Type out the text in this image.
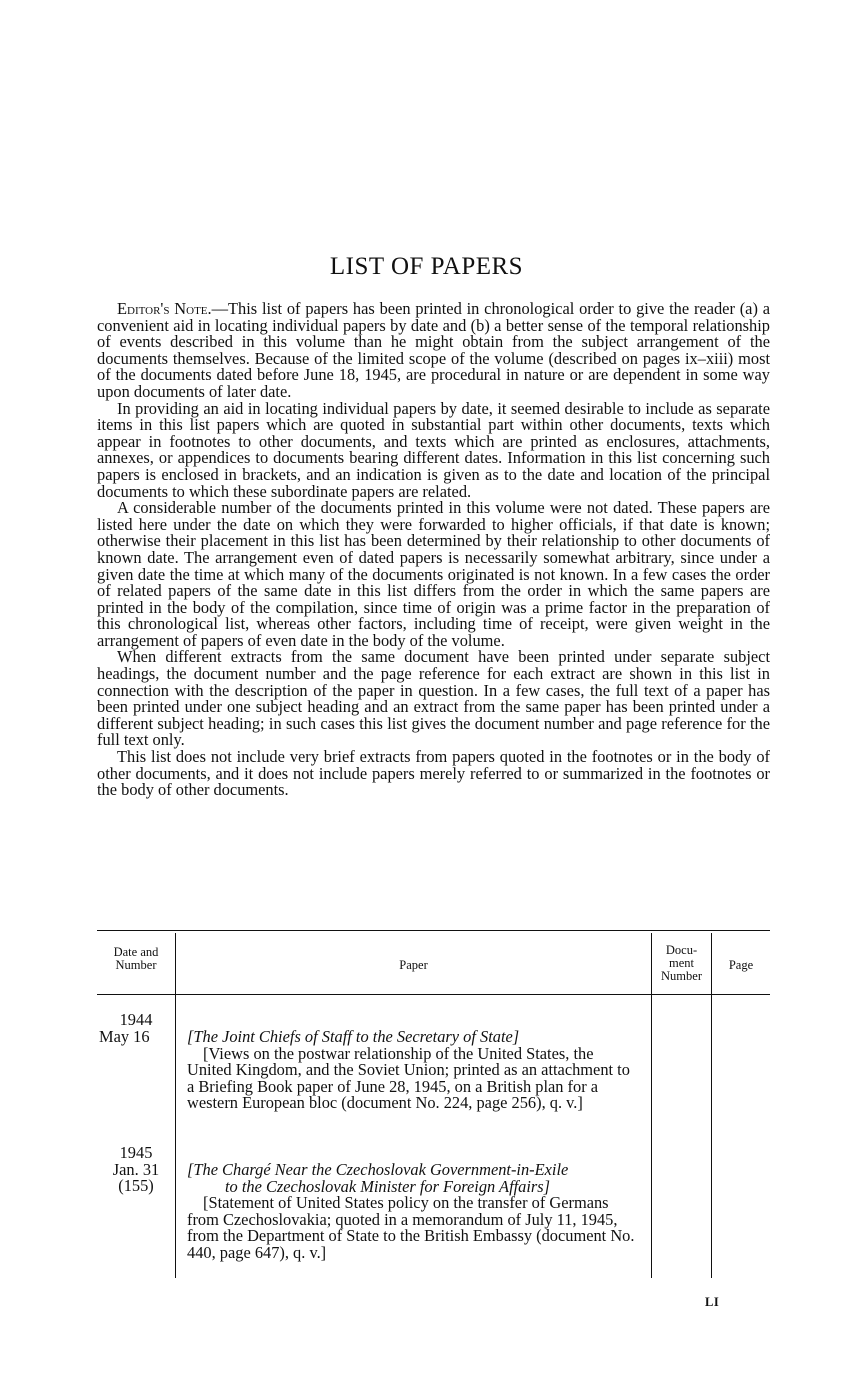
LIST OF PAPERS

Editor's Note.—This list of papers has been printed in chronological order to give the reader (a) a convenient aid in locating individual papers by date and (b) a better sense of the temporal relationship of events described in this volume than he might obtain from the subject arrangement of the documents themselves. Because of the limited scope of the volume (described on pages ix–xiii) most of the documents dated before June 18, 1945, are procedural in nature or are dependent in some way upon documents of later date.

In providing an aid in locating individual papers by date, it seemed desirable to include as separate items in this list papers which are quoted in substantial part within other documents, texts which appear in footnotes to other documents, and texts which are printed as enclosures, attachments, annexes, or appendices to documents bearing different dates. Information in this list concerning such papers is enclosed in brackets, and an indication is given as to the date and location of the principal documents to which these subordinate papers are related.

A considerable number of the documents printed in this volume were not dated. These papers are listed here under the date on which they were forwarded to higher officials, if that date is known; otherwise their placement in this list has been determined by their relationship to other documents of known date. The arrangement even of dated papers is necessarily somewhat arbitrary, since under a given date the time at which many of the documents originated is not known. In a few cases the order of related papers of the same date in this list differs from the order in which the same papers are printed in the body of the compilation, since time of origin was a prime factor in the preparation of this chronological list, whereas other factors, including time of receipt, were given weight in the arrangement of papers of even date in the body of the volume.

When different extracts from the same document have been printed under separate subject headings, the document number and the page reference for each extract are shown in this list in connection with the description of the paper in question. In a few cases, the full text of a paper has been printed under one subject heading and an extract from the same paper has been printed under a different subject heading; in such cases this list gives the document number and page reference for the full text only.

This list does not include very brief extracts from papers quoted in the footnotes or in the body of other documents, and it does not include papers merely referred to or summarized in the footnotes or the body of other documents.

Date and
Number	Paper
Docu-
ment
Number
Page
1944
May 16	[The Joint Chiefs of Staff to the Secretary of State]

[Views on the postwar relationship of the United States, the United Kingdom, and the Soviet Union; printed as an attachment to a Briefing Book paper of June 28, 1945, on a British plan for a western European bloc (document No. 224, page 256), q. v.]

1945
Jan. 31
(155)

[The Chargé Near the Czechoslovak Government-in-Exile

to the Czechoslovak Minister for Foreign Affairs]

[Statement of United States policy on the transfer of Germans from Czechoslovakia; quoted in a memorandum of July 11, 1945, from the Department of State to the British Embassy (document No. 440, page 647), q. v.]

LI
